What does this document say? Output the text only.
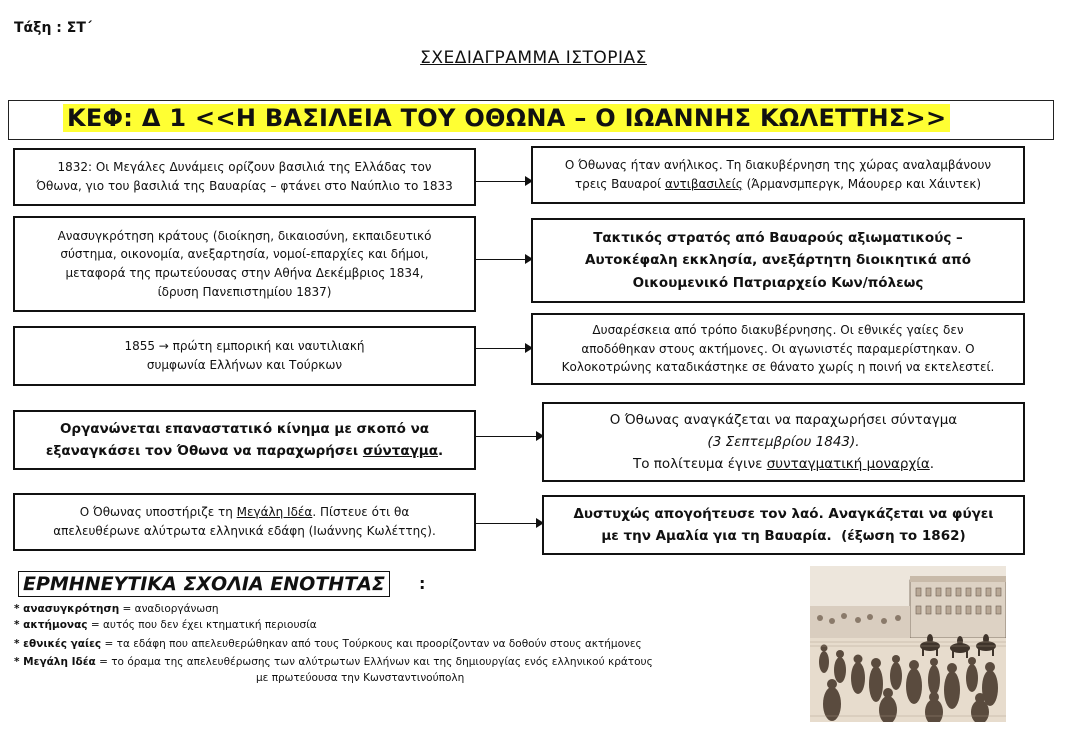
Τάξη : ΣΤ΄
ΣΧΕΔΙΑΓΡΑΜΜΑ ΙΣΤΟΡΙΑΣ
ΚΕΦ: Δ 1 <<Η ΒΑΣΙΛΕΙΑ ΤΟΥ ΟΘΩΝΑ – Ο ΙΩΑΝΝΗΣ ΚΩΛΕΤΤΗΣ>>
1832: Οι Μεγάλες Δυνάμεις ορίζουν βασιλιά της Ελλάδας τον
Όθωνα, γιο του βασιλιά της Βαυαρίας – φτάνει στο Ναύπλιο το 1833
Ο Όθωνας ήταν ανήλικος. Τη διακυβέρνηση της χώρας αναλαμβάνουν
τρεις Βαυαροί αντιβασιλείς (Άρμανσμπεργκ, Μάουρερ και Χάιντεκ)
Ανασυγκρότηση κράτους (διοίκηση, δικαιοσύνη, εκπαιδευτικό
σύστημα, οικονομία, ανεξαρτησία, νομοί-επαρχίες και δήμοι,
μεταφορά της πρωτεύουσας στην Αθήνα Δεκέμβριος 1834,
ίδρυση Πανεπιστημίου 1837)
Τακτικός στρατός από Βαυαρούς αξιωματικούς –
Αυτοκέφαλη εκκλησία, ανεξάρτητη διοικητικά από
Οικουμενικό Πατριαρχείο Κων/πόλεως
1855 → πρώτη εμπορική και ναυτιλιακή
συμφωνία Ελλήνων και Τούρκων
Δυσαρέσκεια από τρόπο διακυβέρνησης. Οι εθνικές γαίες δεν
αποδόθηκαν στους ακτήμονες. Οι αγωνιστές παραμερίστηκαν. Ο
Κολοκοτρώνης καταδικάστηκε σε θάνατο χωρίς η ποινή να εκτελεστεί.
Οργανώνεται επαναστατικό κίνημα με σκοπό να
εξαναγκάσει τον Όθωνα να παραχωρήσει σύνταγμα.
Ο Όθωνας αναγκάζεται να παραχωρήσει σύνταγμα
(3 Σεπτεμβρίου 1843).
Το πολίτευμα έγινε συνταγματική μοναρχία.
Ο Όθωνας υποστήριζε τη Μεγάλη Ιδέα. Πίστευε ότι θα
απελευθέρωνε αλύτρωτα ελληνικά εδάφη (Ιωάννης Κωλέττης).
Δυστυχώς απογοήτευσε τον λαό. Αναγκάζεται να φύγει
με την Αμαλία για τη Βαυαρία. (έξωση το 1862)
ΕΡΜΗΝΕΥΤΙΚΑ ΣΧΟΛΙΑ ΕΝΟΤΗΤΑΣ	:
* ανασυγκρότηση = αναδιοργάνωση
* ακτήμονας = αυτός που δεν έχει κτηματική περιουσία
* εθνικές γαίες = τα εδάφη που απελευθερώθηκαν από τους Τούρκους και προορίζονταν να δοθούν στους ακτήμονες
* Μεγάλη Ιδέα = το όραμα της απελευθέρωσης των αλύτρωτων Ελλήνων και της δημιουργίας ενός ελληνικού κράτους
με πρωτεύουσα την Κωνσταντινούπολη
